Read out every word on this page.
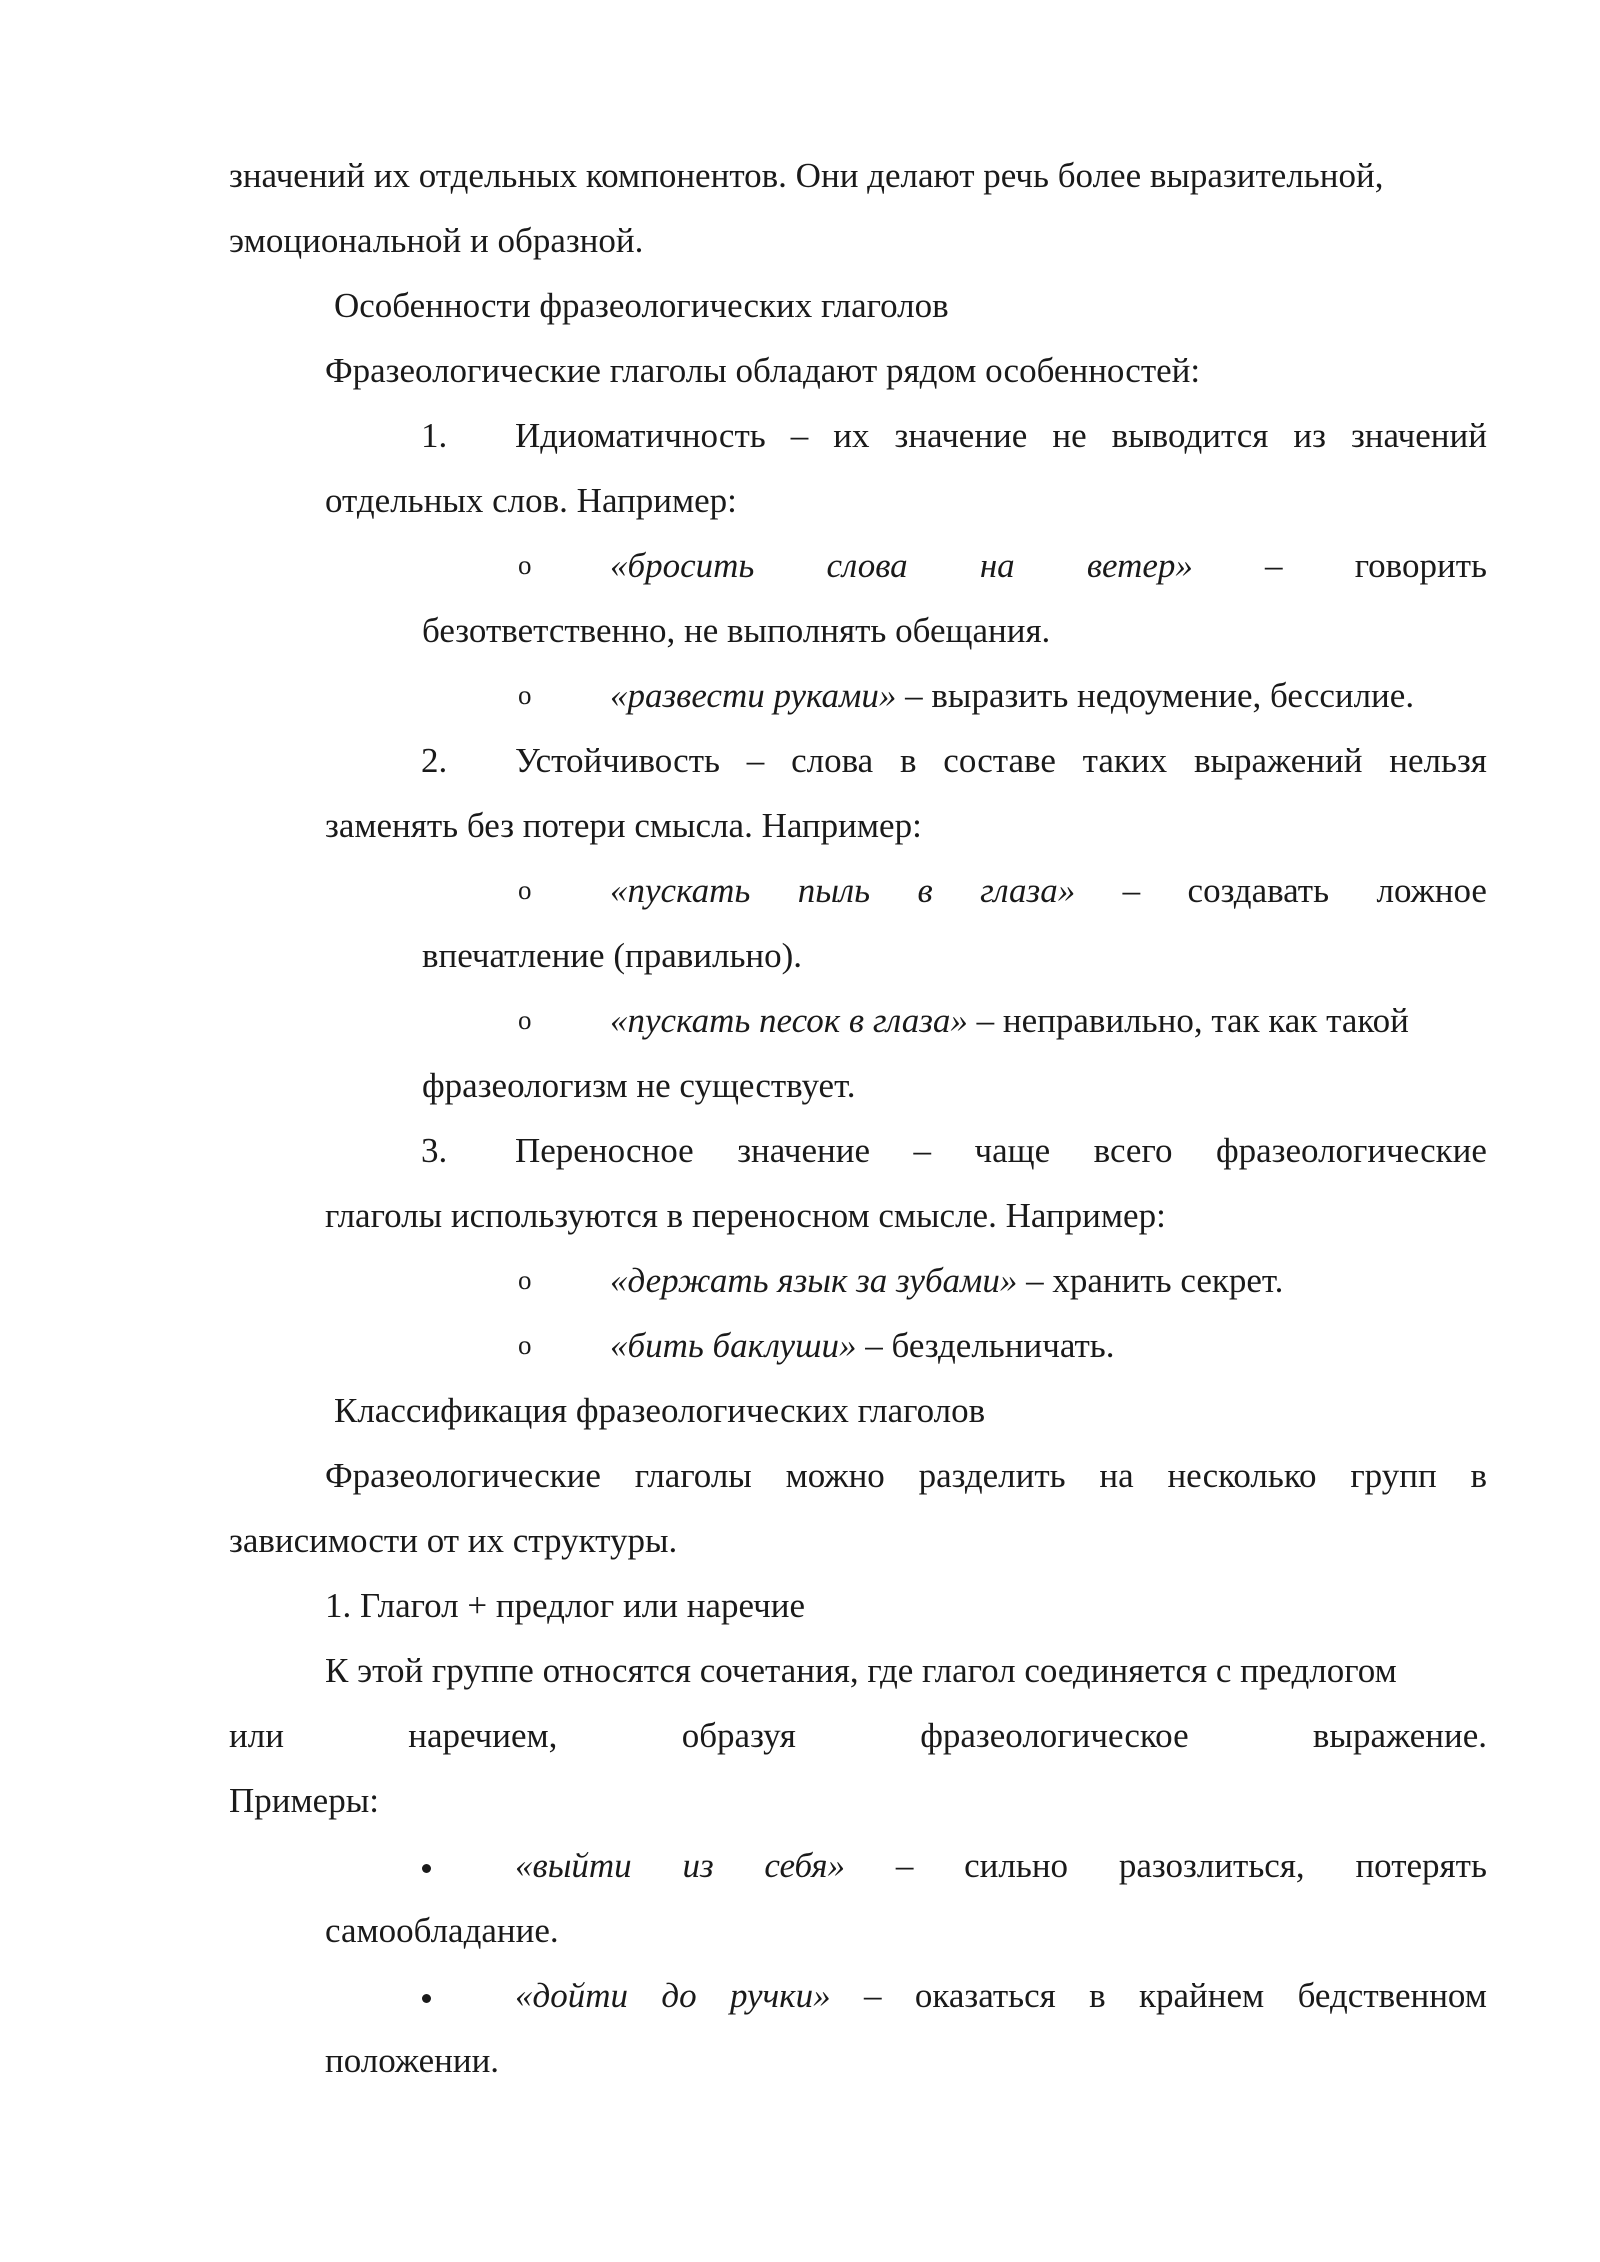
значений их отдельных компонентов. Они делают речь более выразительной,
эмоциональной и образной.
Особенности фразеологических глаголов
Фразеологические глаголы обладают рядом особенностей:
1. Идиоматичность – их значение не выводится из значений
отдельных слов. Например:
o «бросить слова на ветер» – говорить
безответственно, не выполнять обещания.
o «развести руками» – выразить недоумение, бессилие.
2. Устойчивость – слова в составе таких выражений нельзя
заменять без потери смысла. Например:
o «пускать пыль в глаза» – создавать ложное
впечатление (правильно).
o «пускать песок в глаза» – неправильно, так как такой
фразеологизм не существует.
3. Переносное значение – чаще всего фразеологические
глаголы используются в переносном смысле. Например:
o «держать язык за зубами» – хранить секрет.
o «бить баклуши» – бездельничать.
Классификация фразеологических глаголов
Фразеологические глаголы можно разделить на несколько групп в
зависимости от их структуры.
1. Глагол + предлог или наречие
К этой группе относятся сочетания, где глагол соединяется с предлогом
или	наречием,	образуя	фразеологическое	выражение.
Примеры:
«выйти из себя» – сильно разозлиться, потерять
самообладание.
«дойти до ручки» – оказаться в крайнем бедственном
положении.
